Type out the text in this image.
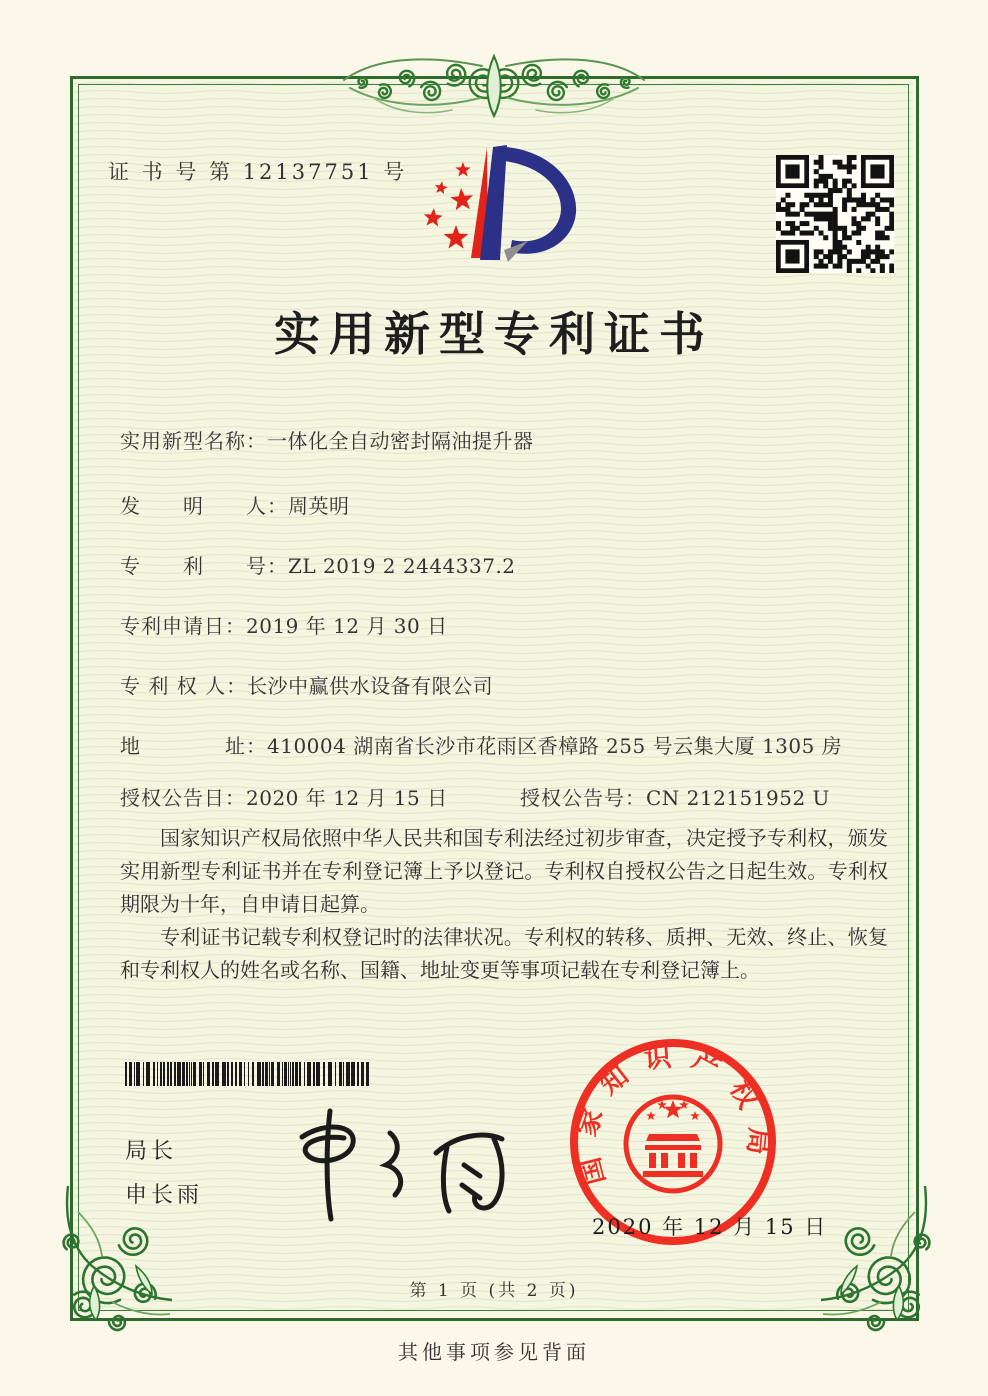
证 书 号 第 12137751 号
实用新型专利证书
实用新型名称：一体化全自动密封隔油提升器
发　　明　　人：周英明
专　　利　　号：ZL 2019 2 2444337.2
专利申请日：2019 年 12 月 30 日
专 利 权 人：长沙中赢供水设备有限公司
地　　　　址：410004 湖南省长沙市花雨区香樟路 255 号云集大厦 1305 房
授权公告日：2020 年 12 月 15 日	授权公告号：CN 212151952 U

国家知识产权局依照中华人民共和国专利法经过初步审查，决定授予专利权，颁发实用新型专利证书并在专利登记簿上予以登记。专利权自授权公告之日起生效。专利权期限为十年，自申请日起算。

专利证书记载专利权登记时的法律状况。专利权的转移、质押、无效、终止、恢复和专利权人的姓名或名称、国籍、地址变更等事项记载在专利登记簿上。

局长
申长雨
国家知识产权局
2020 年 12 月 15 日
第 1 页 (共 2 页)
其他事项参见背面
